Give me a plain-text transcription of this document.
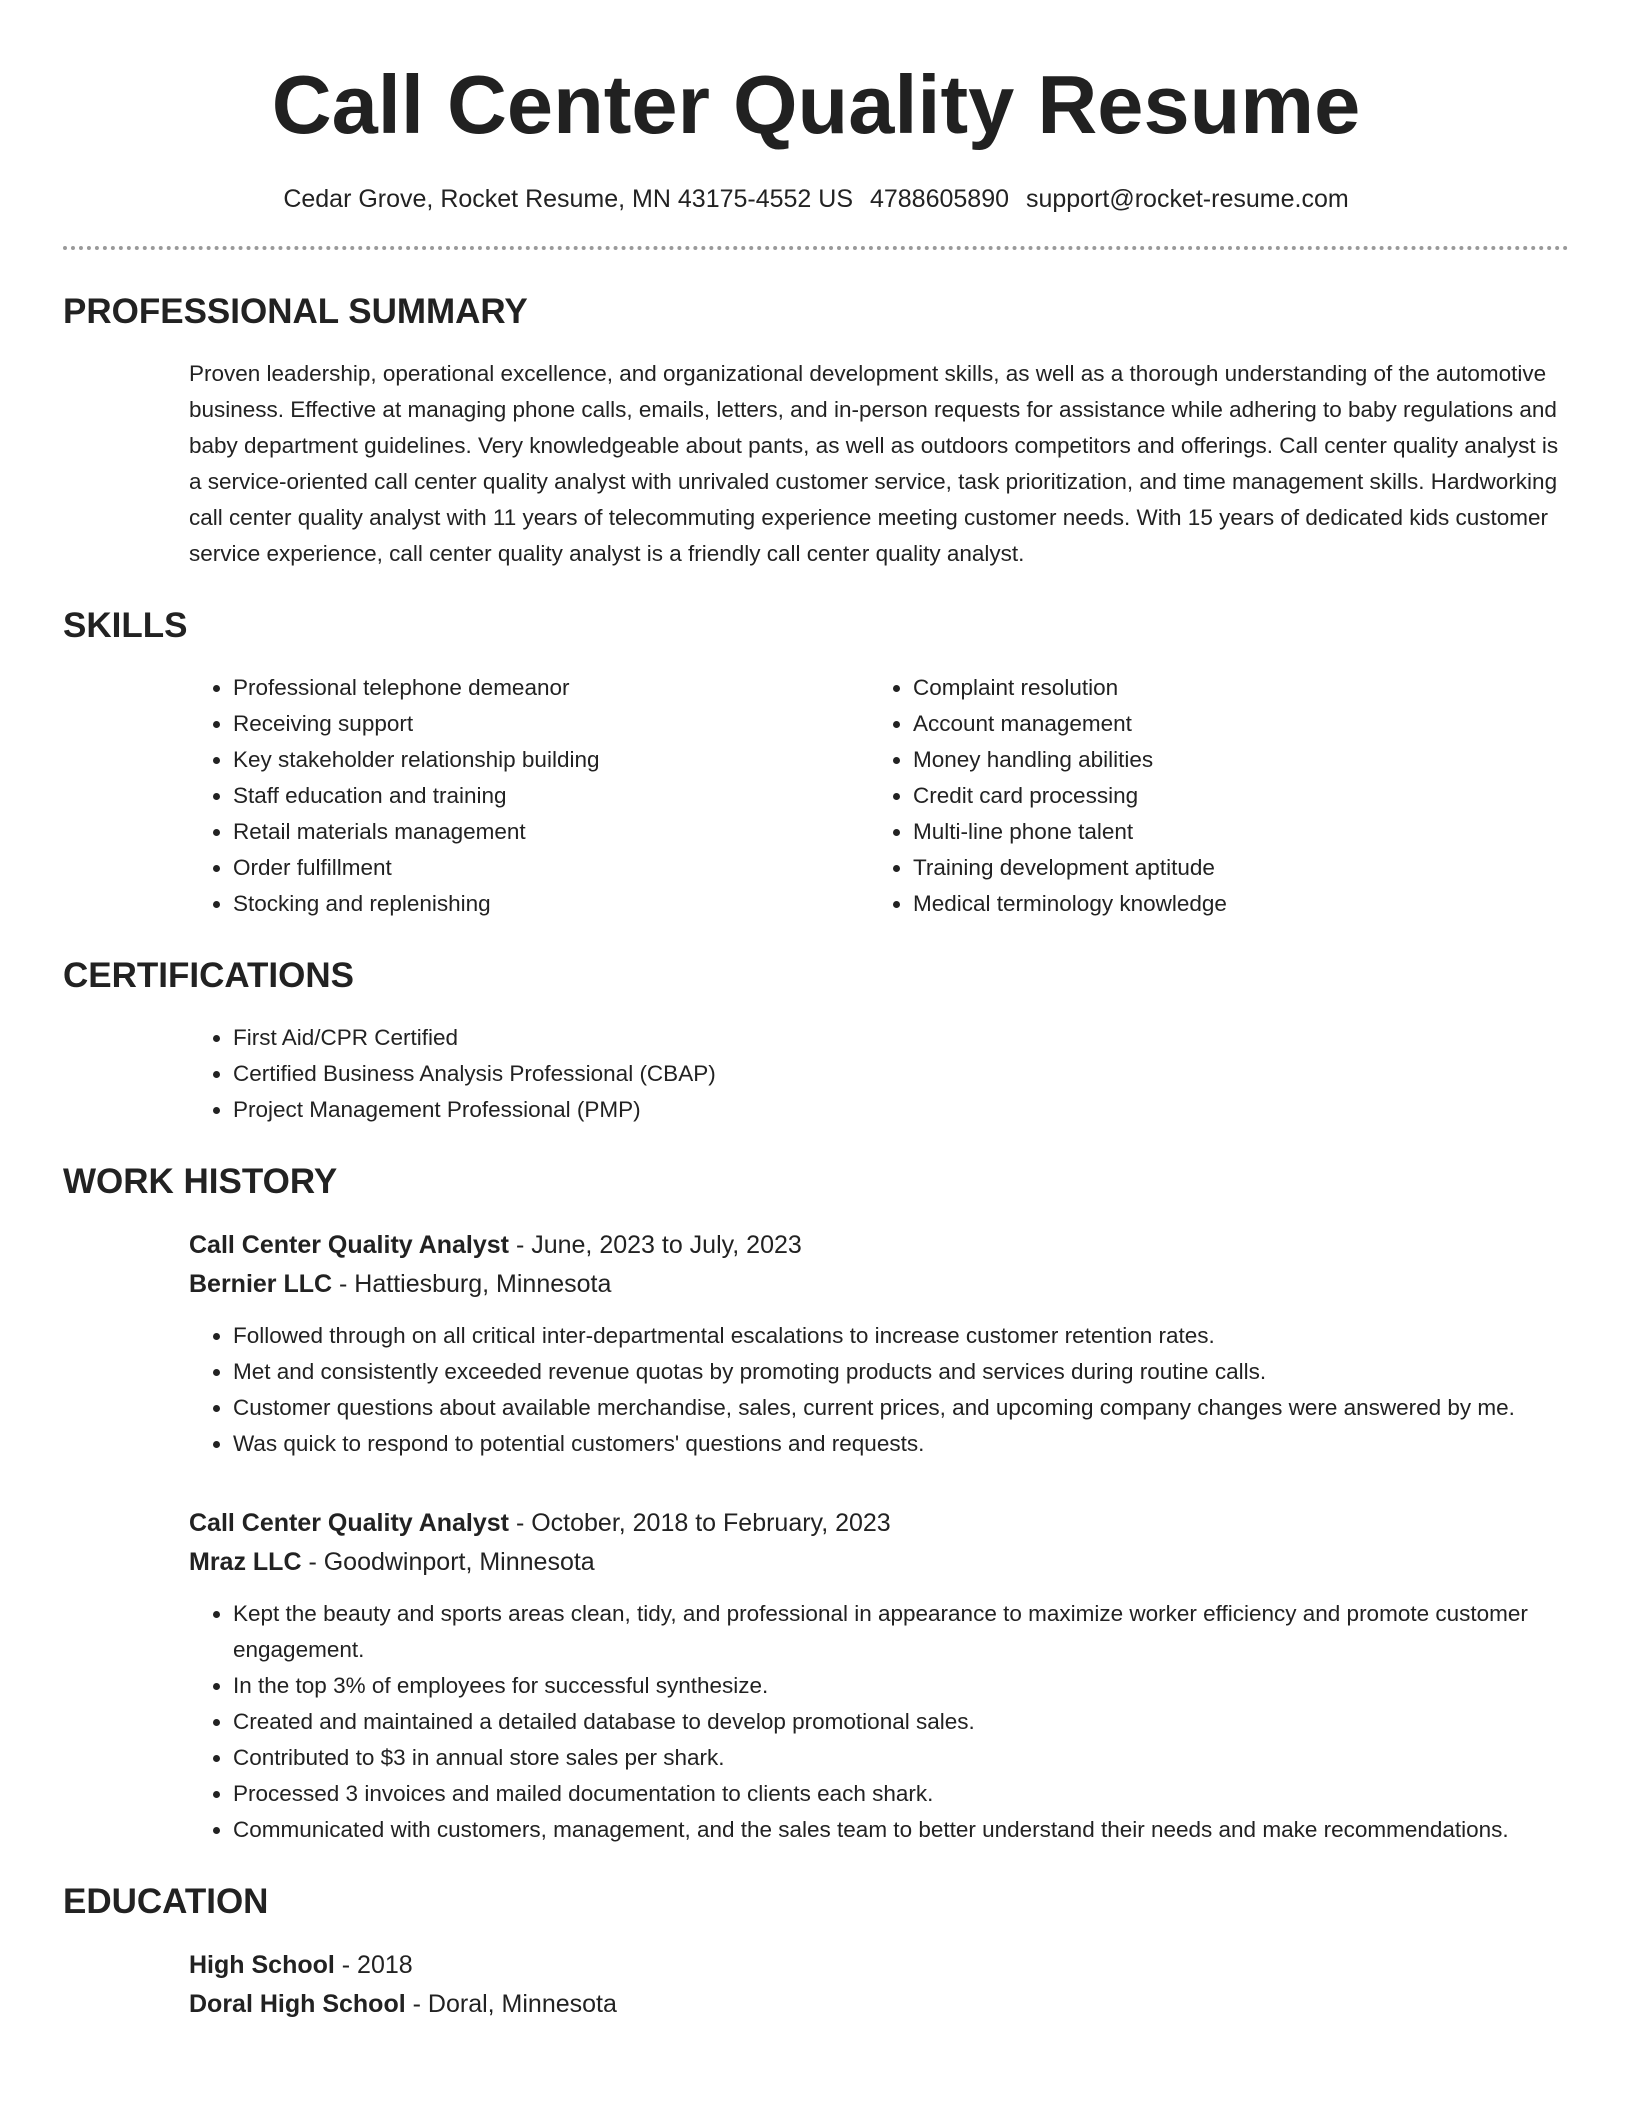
Call Center Quality Resume
Cedar Grove, Rocket Resume, MN 43175-4552 US 4788605890 support@rocket-resume.com
PROFESSIONAL SUMMARY
Proven leadership, operational excellence, and organizational development skills, as well as a thorough understanding of the automotive business. Effective at managing phone calls, emails, letters, and in-person requests for assistance while adhering to baby regulations and baby department guidelines. Very knowledgeable about pants, as well as outdoors competitors and offerings. Call center quality analyst is a service-oriented call center quality analyst with unrivaled customer service, task prioritization, and time management skills. Hardworking call center quality analyst with 11 years of telecommuting experience meeting customer needs. With 15 years of dedicated kids customer service experience, call center quality analyst is a friendly call center quality analyst.
SKILLS
• Professional telephone demeanor
• Receiving support
• Key stakeholder relationship building
• Staff education and training
• Retail materials management
• Order fulfillment
• Stocking and replenishing
• Complaint resolution
• Account management
• Money handling abilities
• Credit card processing
• Multi-line phone talent
• Training development aptitude
• Medical terminology knowledge
CERTIFICATIONS
• First Aid/CPR Certified
• Certified Business Analysis Professional (CBAP)
• Project Management Professional (PMP)
WORK HISTORY
Call Center Quality Analyst - June, 2023 to July, 2023
Bernier LLC - Hattiesburg, Minnesota
• Followed through on all critical inter-departmental escalations to increase customer retention rates.
• Met and consistently exceeded revenue quotas by promoting products and services during routine calls.
• Customer questions about available merchandise, sales, current prices, and upcoming company changes were answered by me.
• Was quick to respond to potential customers' questions and requests.
Call Center Quality Analyst - October, 2018 to February, 2023
Mraz LLC - Goodwinport, Minnesota
• Kept the beauty and sports areas clean, tidy, and professional in appearance to maximize worker efficiency and promote customer engagement.
• In the top 3% of employees for successful synthesize.
• Created and maintained a detailed database to develop promotional sales.
• Contributed to $3 in annual store sales per shark.
• Processed 3 invoices and mailed documentation to clients each shark.
• Communicated with customers, management, and the sales team to better understand their needs and make recommendations.
EDUCATION
High School - 2018
Doral High School - Doral, Minnesota
